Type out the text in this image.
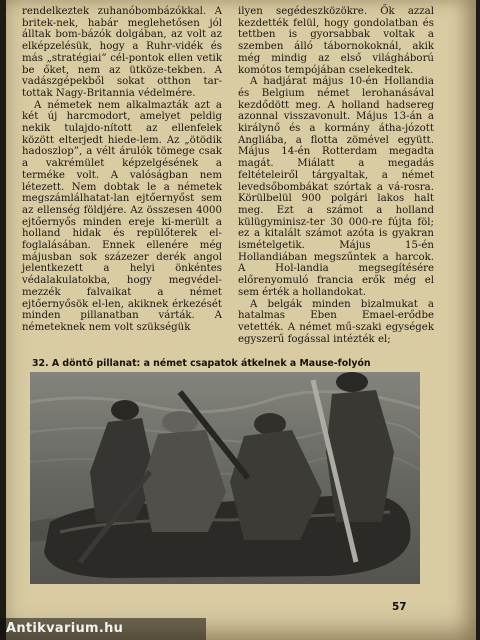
rendelkeztek zuhanóbombázókkal. A britek-nek, habár meglehetősen jól álltak bom-bázók dolgában, az volt az elképzelésük, hogy a Ruhr-vidék és más „stratégiai” cél-pontok ellen vetik be őket, nem az ütköze-tekben. A vadászgépekből sokat otthon tar-tottak Nagy-Britannia védelmére.

A németek nem alkalmazták azt a két új harcmodort, amelyet peldig nekik tulajdo-nított az ellenfelek között elterjedt hiede-lem. Az „ötödik hadoszlop”, a vélt árulók tömege csak a vakrémület képzelgésének a terméke volt. A valóságban nem létezett. Nem dobtak le a németek megszámlálhatat-lan ejtőernyőst sem az ellenség földjére. Az összesen 4000 ejtőernyős minden ereje ki-merült a holland hidak és repülőterek el-foglalásában. Ennek ellenére még májusban sok százezer derék angol jelentkezett a helyi önkéntes védalakulatokba, hogy megvédel-mezzék falvaikat a német ejtőernyősök el-len, akiknek érkezését minden pillanatban várták. A németeknek nem volt szükségük

ilyen segédeszközökre. Ők azzal kezdették felül, hogy gondolatban és tettben is gyorsabbak voltak a szemben álló tábornokoknál, akik még mindig az első világháború komótos tempójában cselekedtek.

A hadjárat május 10-én Hollandia és Belgium német lerohanásával kezdődött meg. A holland hadsereg azonnal visszavonult. Május 13-án a királynő és a kormány átha-józott Angliába, a flotta zömével együtt. Május 14-én Rotterdam megadta magát. Miálatt a megadás feltételeiről tárgyaltak, a német levedsőbombákat szórtak a vá-rosra. Körülbelül 900 polgári lakos halt meg. Ezt a számot a holland külügyminisz-ter 30 000-re fújta föl; ez a kitalált számot azóta is gyakran ismételgetik. Május 15-én Hollandiában megszűntek a harcok. A Hol-landia megsegítésére előrenyomuló francia erők még el sem érték a hollandokat.

A belgák minden bizalmukat a hatalmas Eben Emael-erődbe vetették. A német mű-szaki egységek egyszerű fogással intézték el;

32. A döntő pillanat: a német csapatok átkelnek a Mause-folyón
57
Antikvarium.hu
